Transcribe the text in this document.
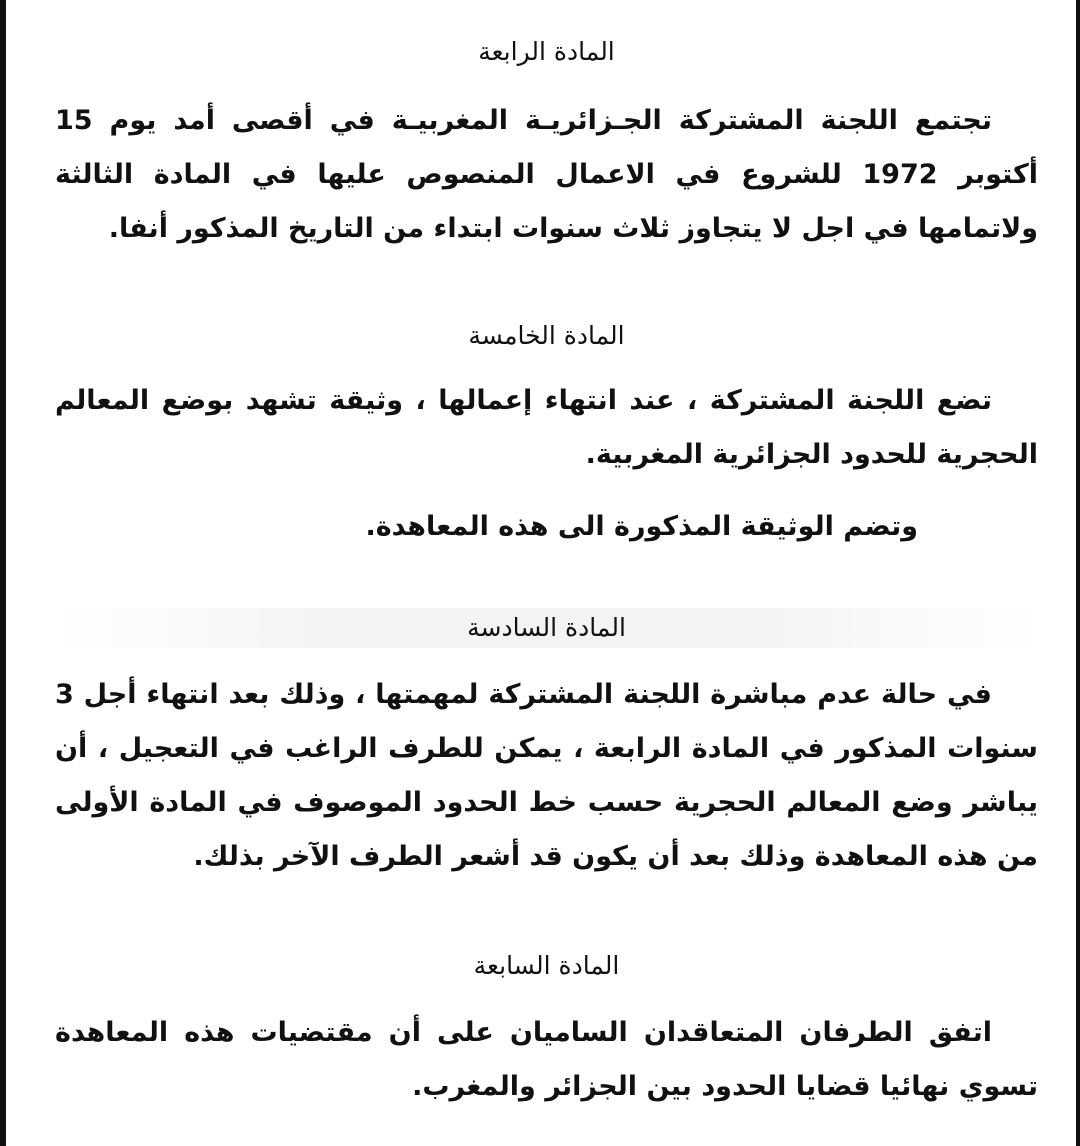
المادة الرابعة

تجتمع اللجنة المشتركة الجـزائريـة المغربيـة في أقصى أمد يوم 15 أكتوبر 1972 للشروع في الاعمال المنصوص عليها في المادة الثالثة ولاتمامها في اجل لا يتجاوز ثلاث سنوات ابتداء من التاريخ المذكور أنفا.

المادة الخامسة

تضع اللجنة المشتركة ، عند انتهاء إعمالها ، وثيقة تشهد بوضع المعالم الحجرية للحدود الجزائرية المغربية.

وتضم الوثيقة المذكورة الى هذه المعاهدة.

المادة السادسة

في حالة عدم مباشرة اللجنة المشتركة لمهمتها ، وذلك بعد انتهاء أجل 3 سنوات المذكور في المادة الرابعة ، يمكن للطرف الراغب في التعجيل ، أن يباشر وضع المعالم الحجرية حسب خط الحدود الموصوف في المادة الأولى من هذه المعاهدة وذلك بعد أن يكون قد أشعر الطرف الآخر بذلك.

المادة السابعة

اتفق الطرفان المتعاقدان الساميان على أن مقتضيات هذه المعاهدة تسوي نهائيا قضايا الحدود بين الجزائر والمغرب.
